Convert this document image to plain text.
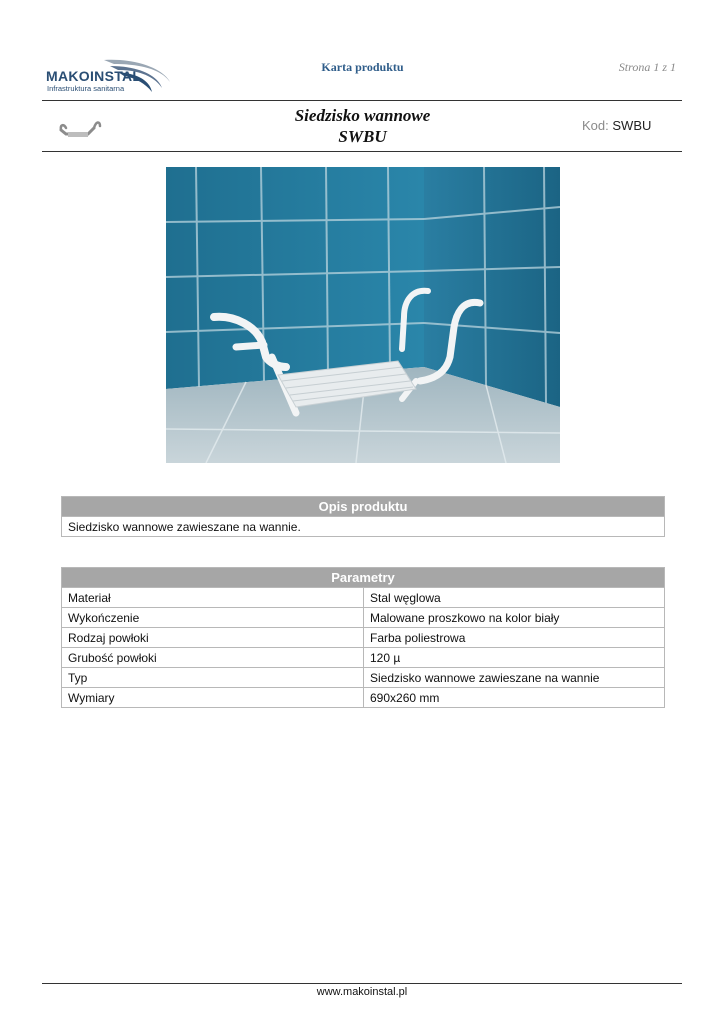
MAKOINSTAL
Infrastruktura sanitarna
Karta produktu	Strona 1 z 1
Siedzisko wannowe
SWBU
Kod: SWBU
Opis produktu
Siedzisko wannowe zawieszane na wannie.
Parametry	
Materiał	Stal węglowa
Wykończenie	Malowane proszkowo na kolor biały
Rodzaj powłoki	Farba poliestrowa
Grubość powłoki	120 µ
Typ	Siedzisko wannowe zawieszane na wannie
Wymiary	690x260 mm
www.makoinstal.pl
